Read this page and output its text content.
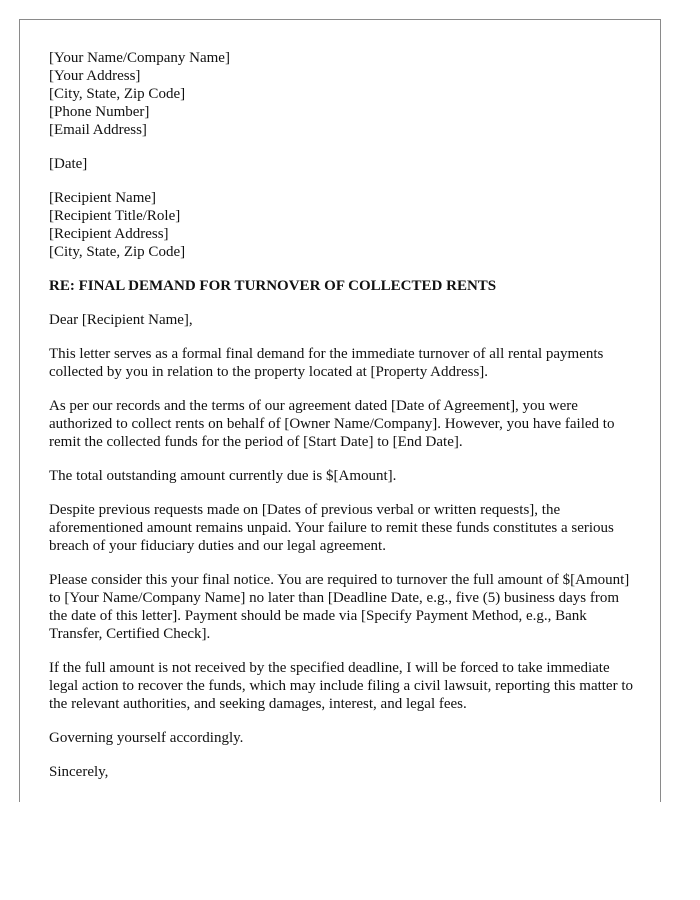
[Your Name/Company Name]
[Your Address]
[City, State, Zip Code]
[Phone Number]
[Email Address]
[Date]
[Recipient Name]
[Recipient Title/Role]
[Recipient Address]
[City, State, Zip Code]
RE: FINAL DEMAND FOR TURNOVER OF COLLECTED RENTS

Dear [Recipient Name],

This letter serves as a formal final demand for the immediate turnover of all rental payments collected by you in relation to the property located at [Property Address].

As per our records and the terms of our agreement dated [Date of Agreement], you were authorized to collect rents on behalf of [Owner Name/Company]. However, you have failed to remit the collected funds for the period of [Start Date] to [End Date].

The total outstanding amount currently due is $[Amount].

Despite previous requests made on [Dates of previous verbal or written requests], the aforementioned amount remains unpaid. Your failure to remit these funds constitutes a serious breach of your fiduciary duties and our legal agreement.

Please consider this your final notice. You are required to turnover the full amount of $[Amount] to [Your Name/Company Name] no later than [Deadline Date, e.g., five (5) business days from the date of this letter]. Payment should be made via [Specify Payment Method, e.g., Bank Transfer, Certified Check].

If the full amount is not received by the specified deadline, I will be forced to take immediate legal action to recover the funds, which may include filing a civil lawsuit, reporting this matter to the relevant authorities, and seeking damages, interest, and legal fees.

Governing yourself accordingly.

Sincerely,
